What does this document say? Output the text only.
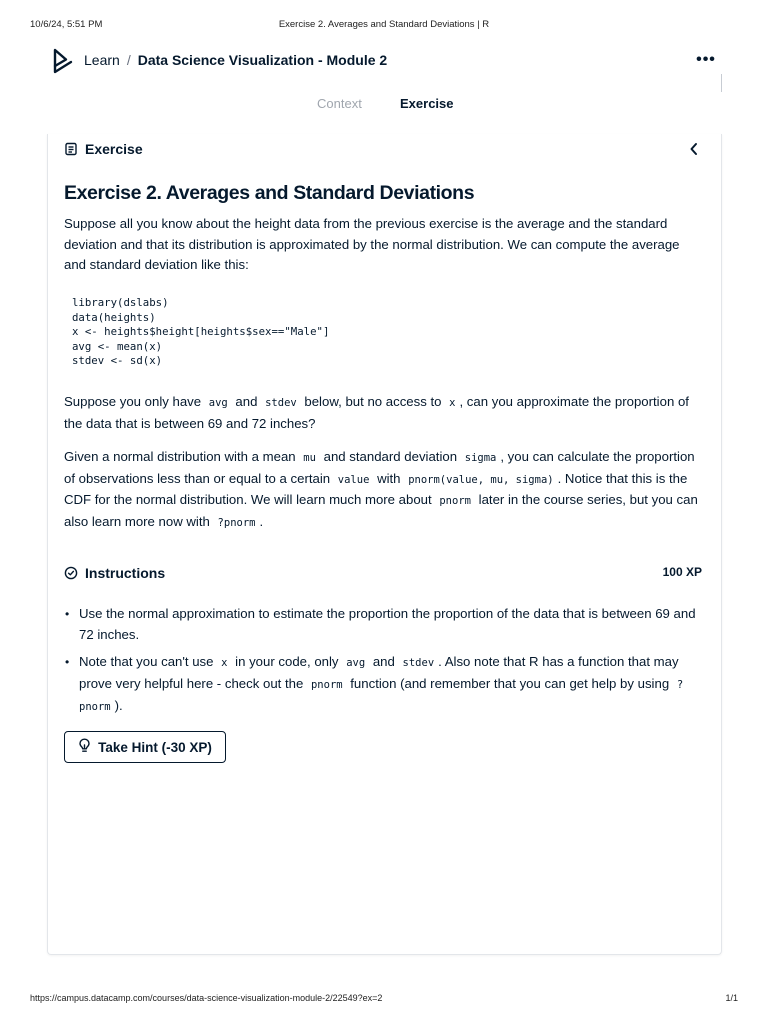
10/6/24, 5:51 PM	Exercise 2. Averages and Standard Deviations | R
Learn / Data Science Visualization - Module 2	•••
Context	Exercise
Exercise
Exercise 2. Averages and Standard Deviations

Suppose all you know about the height data from the previous exercise is the average and the standard deviation and that its distribution is approximated by the normal distribution. We can compute the average and standard deviation like this:

library(dslabs)
data(heights)
x <- heights$height[heights$sex=="Male"]
avg <- mean(x)
stdev <- sd(x)

Suppose you only have avg and stdev below, but no access to x , can you approximate the proportion of the data that is between 69 and 72 inches?

Given a normal distribution with a mean mu and standard deviation sigma , you can calculate the proportion of observations less than or equal to a certain value with pnorm(value, mu, sigma) . Notice that this is the CDF for the normal distribution. We will learn much more about pnorm later in the course series, but you can also learn more now with ?pnorm .

Instructions	100 XP
• Use the normal approximation to estimate the proportion the proportion of the data that is between 69 and 72 inches.
• Note that you can't use x in your code, only avg and stdev . Also note that R has a function that may prove very helpful here - check out the pnorm function (and remember that you can get help by using ?pnorm ).
Take Hint (-30 XP)
https://campus.datacamp.com/courses/data-science-visualization-module-2/22549?ex=2	1/1
